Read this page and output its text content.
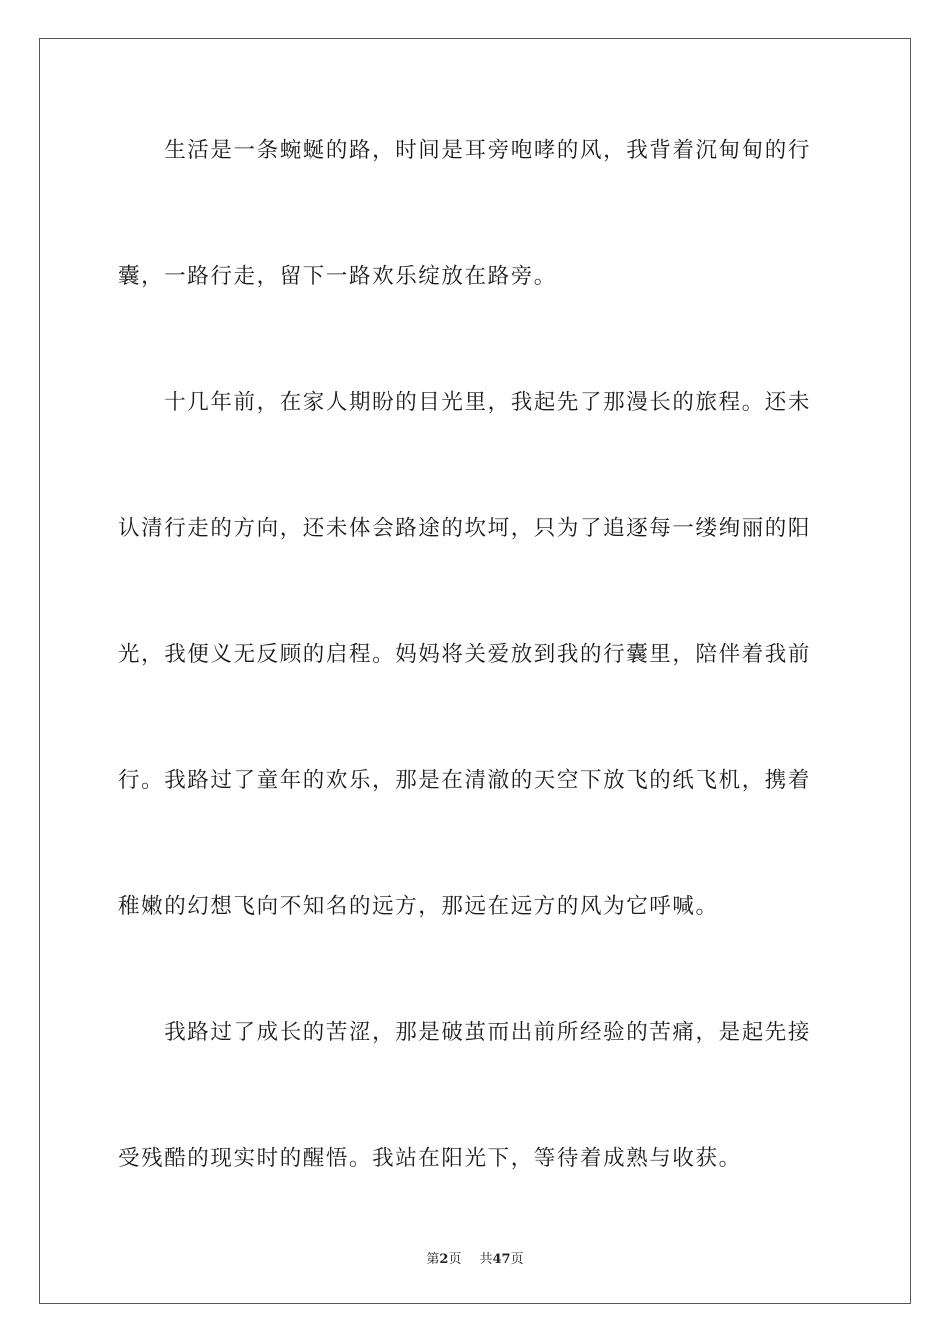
　　生活是一条蜿蜒的路，时间是耳旁咆哮的风，我背着沉甸甸的行
囊，一路行走，留下一路欢乐绽放在路旁。
　　十几年前，在家人期盼的目光里，我起先了那漫长的旅程。还未
认清行走的方向，还未体会路途的坎坷，只为了追逐每一缕绚丽的阳
光，我便义无反顾的启程。妈妈将关爱放到我的行囊里，陪伴着我前
行。我路过了童年的欢乐，那是在清澈的天空下放飞的纸飞机，携着
稚嫩的幻想飞向不知名的远方，那远在远方的风为它呼喊。
　　我路过了成长的苦涩，那是破茧而出前所经验的苦痛，是起先接
受残酷的现实时的醒悟。我站在阳光下，等待着成熟与收获。
第2页 共47页
